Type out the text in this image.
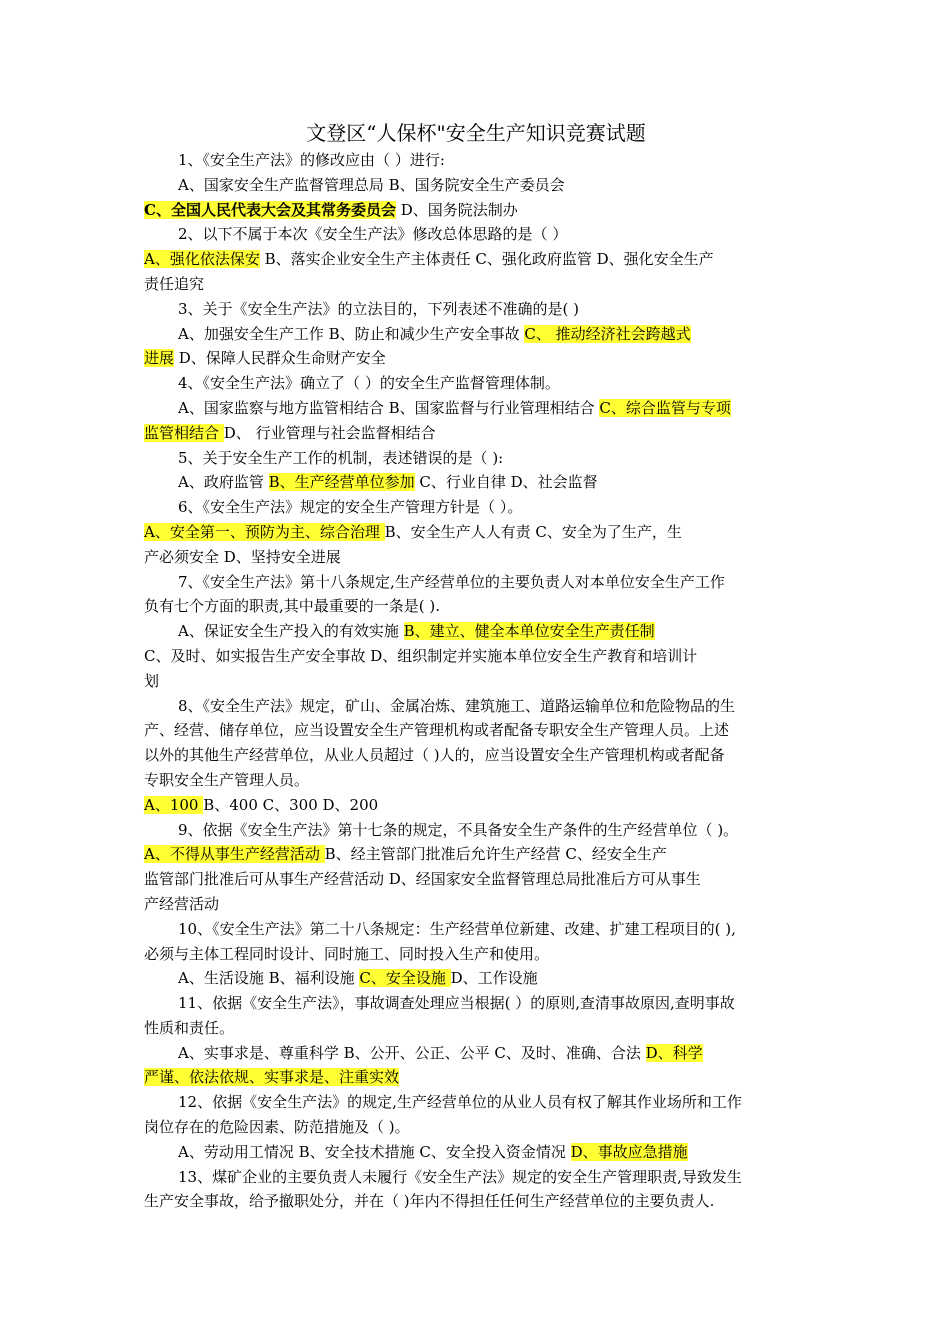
文登区“人保杯"安全生产知识竞赛试题
1、《安全生产法》的修改应由（ ）进行:
A、国家安全生产监督管理总局 B、国务院安全生产委员会
C、全国人民代表大会及其常务委员会 D、国务院法制办
2、以下不属于本次《安全生产法》修改总体思路的是（ ）
A、强化依法保安 B、落实企业安全生产主体责任 C、强化政府监管 D、强化安全生产
责任追究
3、关于《安全生产法》的立法目的，下列表述不准确的是( )
A、加强安全生产工作 B、防止和减少生产安全事故 C、 推动经济社会跨越式
进展 D、保障人民群众生命财产安全
4、《安全生产法》确立了（ ）的安全生产监督管理体制。
A、国家监察与地方监管相结合 B、国家监督与行业管理相结合 C、综合监管与专项
监管相结合 D、 行业管理与社会监督相结合
5、关于安全生产工作的机制，表述错误的是（ ):
A、政府监管 B、生产经营单位参加 C、行业自律 D、社会监督
6、《安全生产法》规定的安全生产管理方针是（ ）。
A、安全第一、预防为主、综合治理 B、安全生产人人有责 C、安全为了生产，生
产必须安全 D、坚持安全进展
7、《安全生产法》第十八条规定,生产经营单位的主要负责人对本单位安全生产工作
负有七个方面的职责,其中最重要的一条是( ).
A、保证安全生产投入的有效实施 B、建立、健全本单位安全生产责任制
C、及时、如实报告生产安全事故 D、组织制定并实施本单位安全生产教育和培训计
划
8、《安全生产法》规定，矿山、金属冶炼、建筑施工、道路运输单位和危险物品的生
产、经营、储存单位，应当设置安全生产管理机构或者配备专职安全生产管理人员。上述
以外的其他生产经营单位，从业人员超过（ )人的，应当设置安全生产管理机构或者配备
专职安全生产管理人员。
A、100 B、400 C、300 D、200
9、依据《安全生产法》第十七条的规定，不具备安全生产条件的生产经营单位（ )。
A、不得从事生产经营活动 B、经主管部门批准后允许生产经营 C、经安全生产
监管部门批准后可从事生产经营活动 D、经国家安全监督管理总局批准后方可从事生
产经营活动
10、《安全生产法》第二十八条规定：生产经营单位新建、改建、扩建工程项目的( ),
必须与主体工程同时设计、同时施工、同时投入生产和使用。
A、生活设施 B、福利设施 C、安全设施 D、工作设施
11、依据《安全生产法》，事故调查处理应当根据( ）的原则,查清事故原因,查明事故
性质和责任。
A、实事求是、尊重科学 B、公开、公正、公平 C、及时、准确、合法 D、科学
严谨、依法依规、实事求是、注重实效
12、依据《安全生产法》的规定,生产经营单位的从业人员有权了解其作业场所和工作
岗位存在的危险因素、防范措施及（ )。
A、劳动用工情况 B、安全技术措施 C、安全投入资金情况 D、事故应急措施
13、煤矿企业的主要负责人未履行《安全生产法》规定的安全生产管理职责,导致发生
生产安全事故，给予撤职处分，并在（ )年内不得担任任何生产经营单位的主要负责人.
